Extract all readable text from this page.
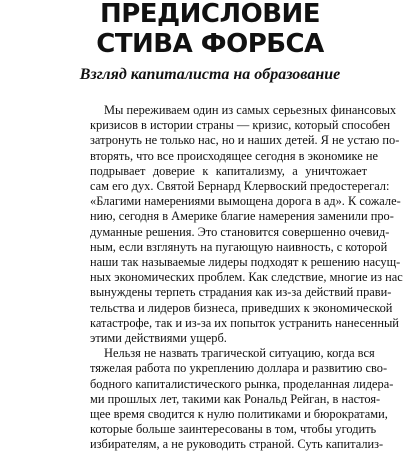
ПРЕДИСЛОВИЕ
СТИВА ФОРБСА
Взгляд капиталиста на образование
Мы переживаем один из самых серьезных финансовых
кризисов в истории страны — кризис, который способен
затронуть не только нас, но и наших детей. Я не устаю по-
вторять, что все происходящее сегодня в экономике не
подрывает доверие к капитализму, а уничтожает
сам его дух. Святой Бернард Клервоский предостерегал:
«Благими намерениями вымощена дорога в ад». К сожале-
нию, сегодня в Америке благие намерения заменили про-
думанные решения. Это становится совершенно очевид-
ным, если взглянуть на пугающую наивность, с которой
наши так называемые лидеры подходят к решению насущ-
ных экономических проблем. Как следствие, многие из нас
вынуждены терпеть страдания как из-за действий прави-
тельства и лидеров бизнеса, приведших к экономической
катастрофе, так и из-за их попыток устранить нанесенный
этими действиями ущерб.
Нельзя не назвать трагической ситуацию, когда вся
тяжелая работа по укреплению доллара и развитию сво-
бодного капиталистического рынка, проделанная лидера-
ми прошлых лет, такими как Рональд Рейган, в настоя-
щее время сводится к нулю политиками и бюрократами,
которые больше заинтересованы в том, чтобы угодить
избирателям, а не руководить страной. Суть капитализ-
